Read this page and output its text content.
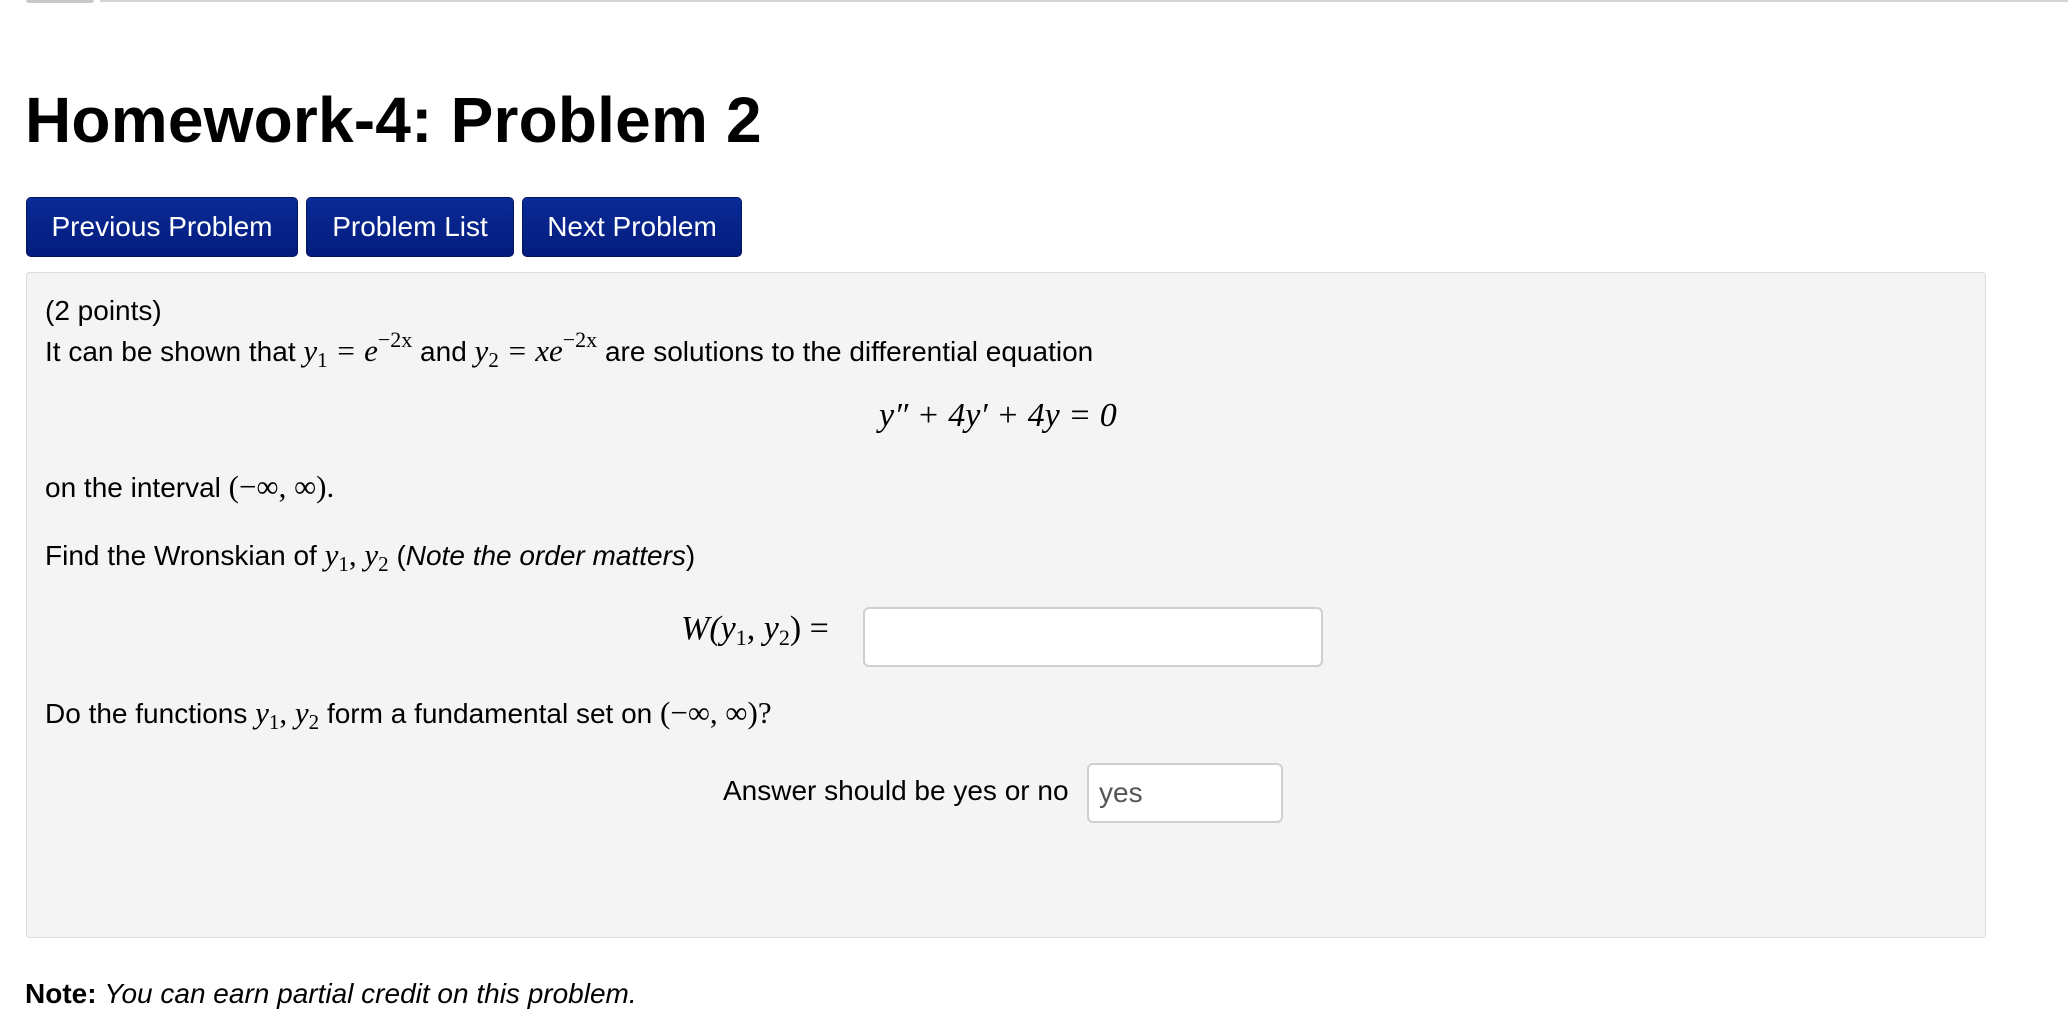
Homework-4: Problem 2
Previous Problem	Problem List	Next Problem
(2 points)
It can be shown that $y_1 = e^{-2x}$ and $y_2 = xe^{-2x}$ are solutions to the differential equation
y″ + 4y′ + 4y = 0
on the interval (−∞, ∞).
Find the Wronskian of $y_1$, $y_2$ (Note the order matters)
$W(y_1$, $y_2$) =
Do the functions $y_1$, $y_2$ form a fundamental set on (−∞, ∞)?
Answer should be yes or no
yes
Note: You can earn partial credit on this problem.
